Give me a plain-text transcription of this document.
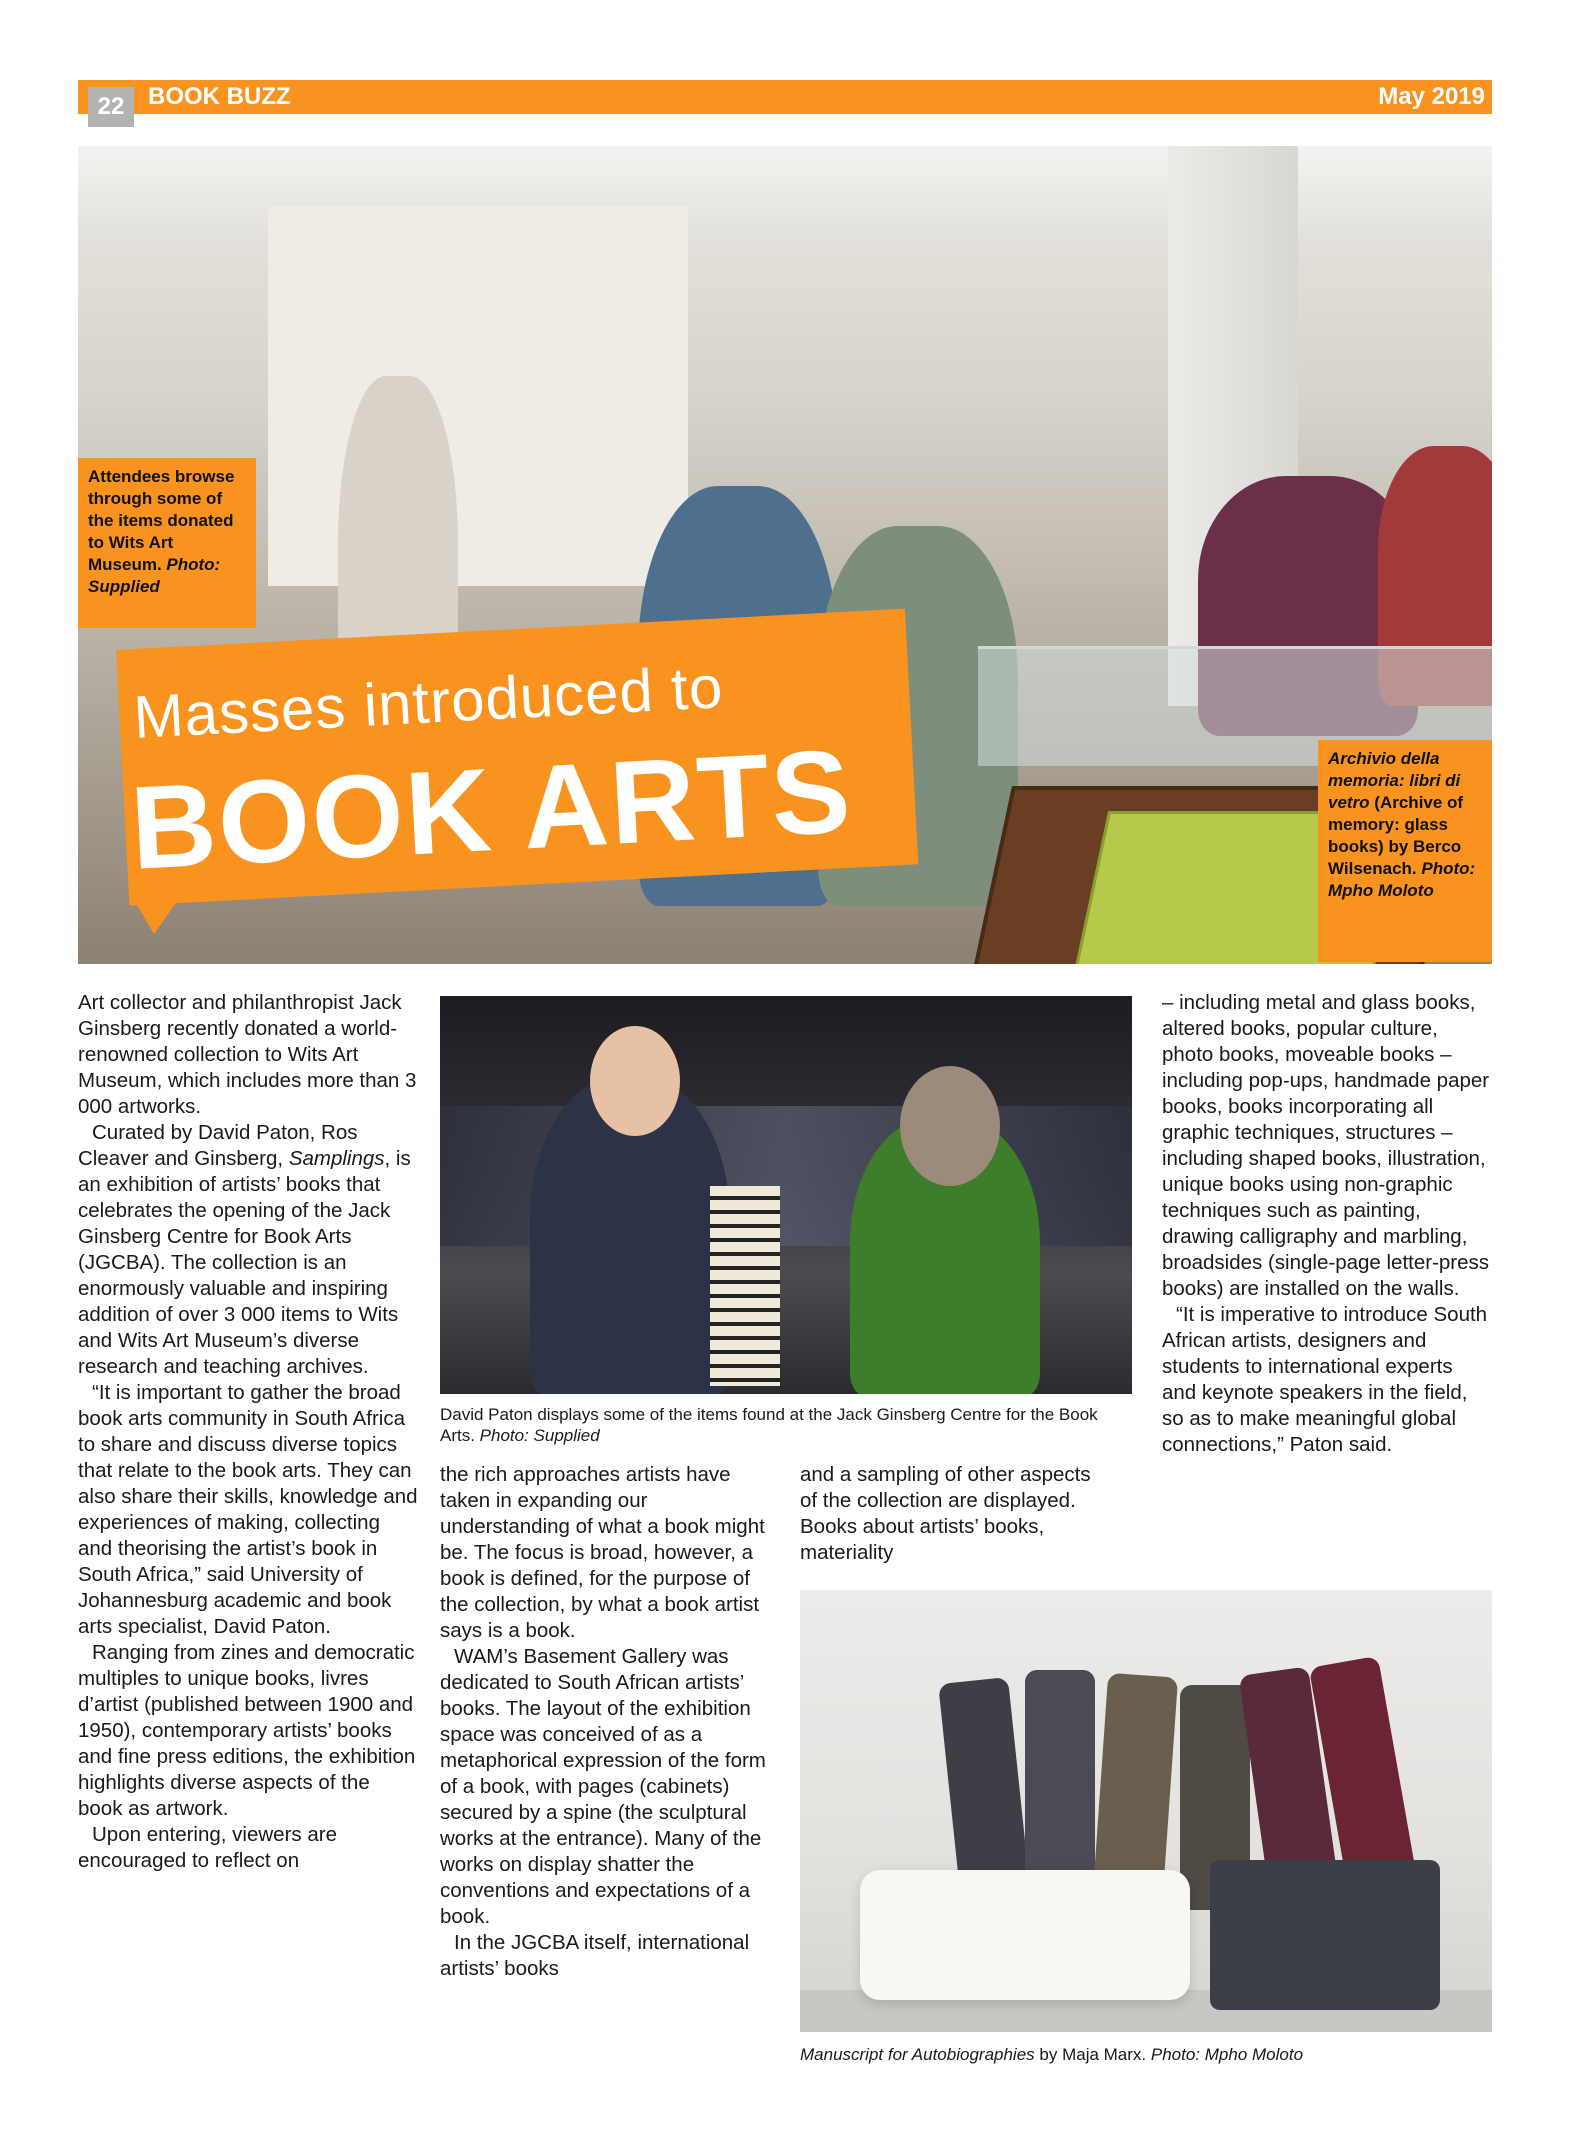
22 BOOK BUZZ	May 2019
Attendees browse through some of the items donated to Wits Art Museum. Photo: Supplied
Archivio della memoria: libri di vetro (Archive of memory: glass books) by Berco Wilsenach. Photo: Mpho Moloto
Masses introduced to
BOOK ARTS

Art collector and philanthropist Jack Ginsberg recently donated a world-renowned collection to Wits Art Museum, which includes more than 3 000 artworks.

Curated by David Paton, Ros Cleaver and Ginsberg, Samplings, is an exhibition of artists’ books that celebrates the opening of the Jack Ginsberg Centre for Book Arts (JGCBA). The collection is an enormously valuable and inspiring addition of over 3 000 items to Wits and Wits Art Museum’s diverse research and teaching archives.

“It is important to gather the broad book arts community in South Africa to share and discuss diverse topics that relate to the book arts. They can also share their skills, knowledge and experiences of making, collecting and theorising the artist’s book in South Africa,” said University of Johannesburg academic and book arts specialist, David Paton.

Ranging from zines and democratic multiples to unique books, livres d’artist (published between 1900 and 1950), contemporary artists’ books and fine press editions, the exhibition highlights diverse aspects of the book as artwork.

Upon entering, viewers are encouraged to reflect on

David Paton displays some of the items found at the Jack Ginsberg Centre for the Book Arts. Photo: Supplied

the rich approaches artists have taken in expanding our understanding of what a book might be. The focus is broad, however, a book is defined, for the purpose of the collection, by what a book artist says is a book.

WAM’s Basement Gallery was dedicated to South African artists’ books. The layout of the exhibition space was conceived of as a metaphorical expression of the form of a book, with pages (cabinets) secured by a spine (the sculptural works at the entrance). Many of the works on display shatter the conventions and expectations of a book.

In the JGCBA itself, international artists’ books

and a sampling of other aspects of the collection are displayed. Books about artists’ books, materiality

– including metal and glass books, altered books, popular culture, photo books, moveable books – including pop-ups, handmade paper books, books incorporating all graphic techniques, structures – including shaped books, illustration, unique books using non-graphic techniques such as painting, drawing calligraphy and marbling, broadsides (single-page letter-press books) are installed on the walls.

“It is imperative to introduce South African artists, designers and students to international experts and keynote speakers in the field, so as to make meaningful global connections,” Paton said.

Manuscript for Autobiographies by Maja Marx. Photo: Mpho Moloto
